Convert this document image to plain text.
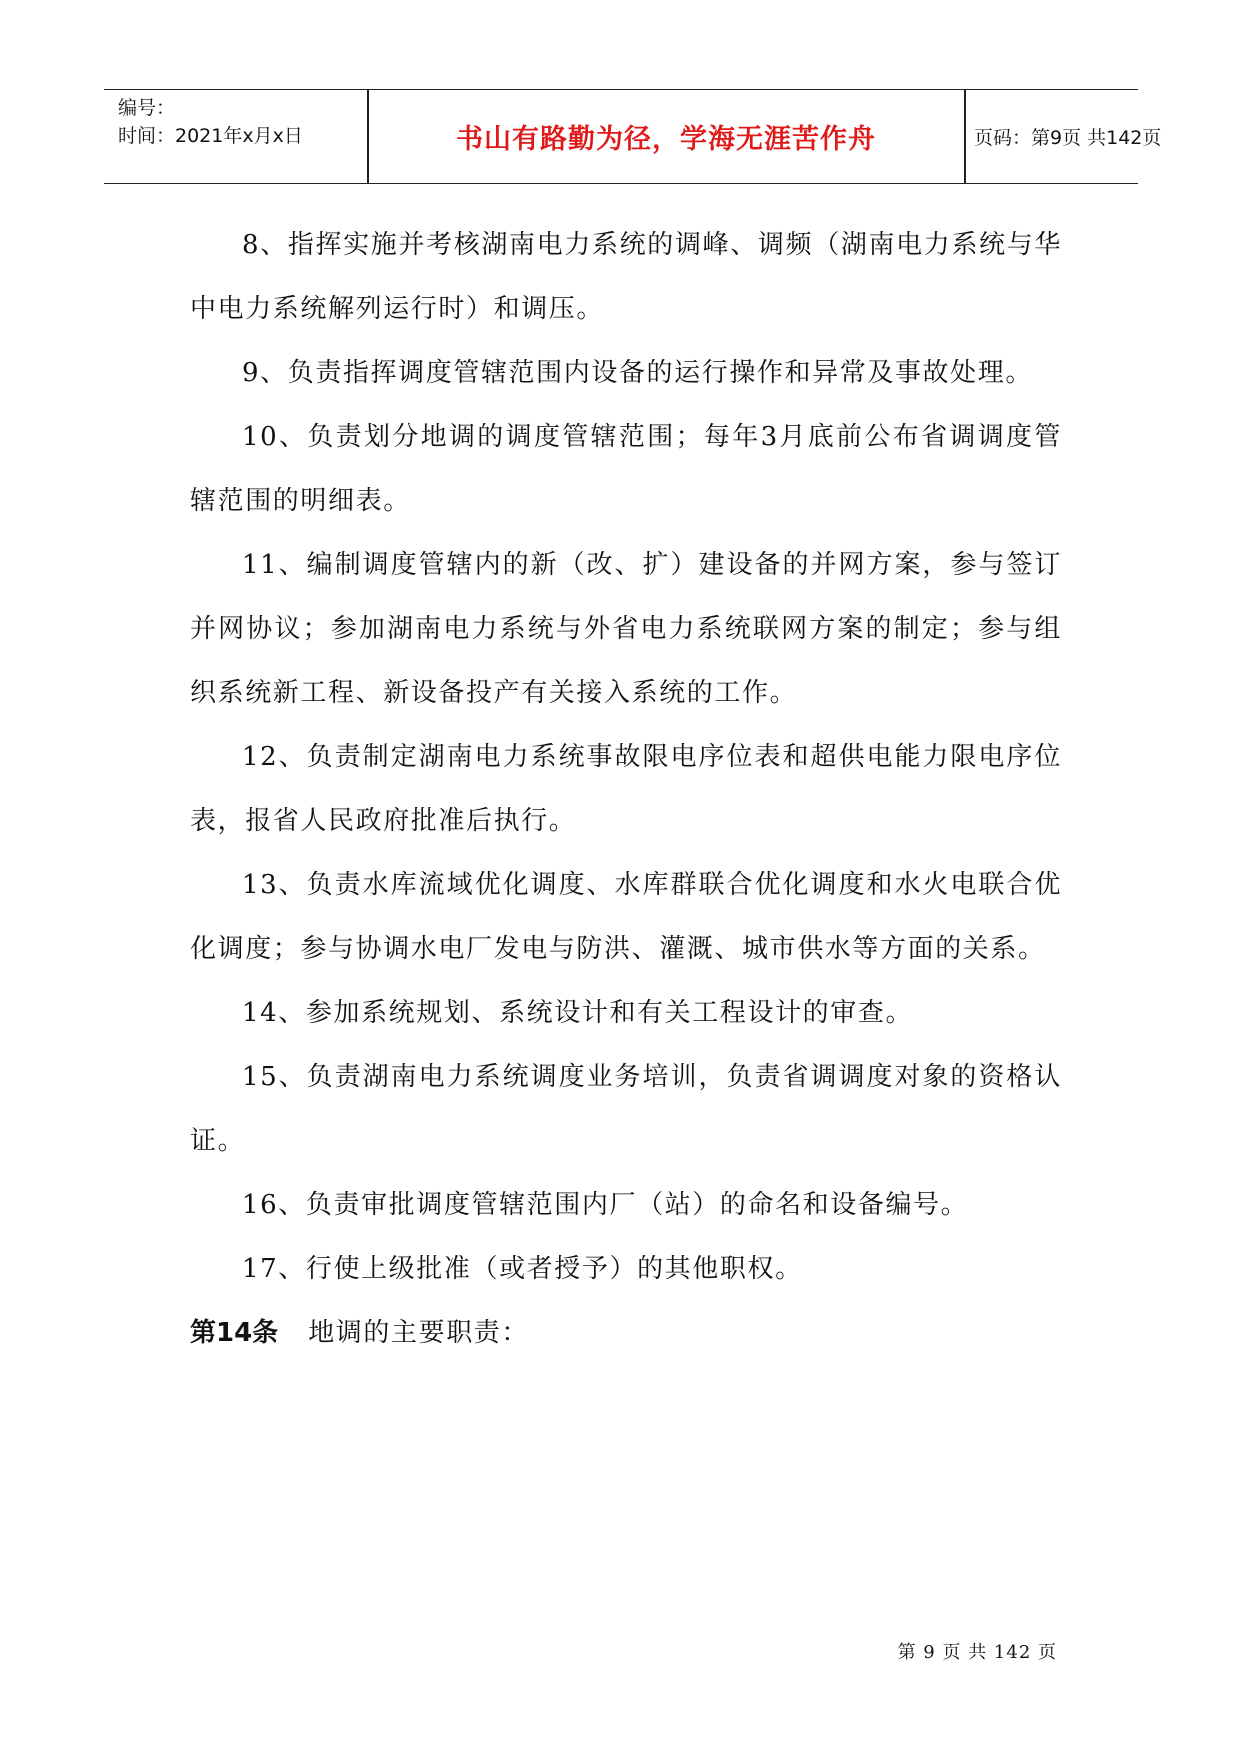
编号：
时间：2021年x月x日	书山有路勤为径，学海无涯苦作舟	页码：第9页 共142页

8、指挥实施并考核湖南电力系统的调峰、调频（湖南电力系统与华中电力系统解列运行时）和调压。

9、负责指挥调度管辖范围内设备的运行操作和异常及事故处理。

10、负责划分地调的调度管辖范围；每年3月底前公布省调调度管辖范围的明细表。

11、编制调度管辖内的新（改、扩）建设备的并网方案，参与签订并网协议；参加湖南电力系统与外省电力系统联网方案的制定；参与组织系统新工程、新设备投产有关接入系统的工作。

12、负责制定湖南电力系统事故限电序位表和超供电能力限电序位表，报省人民政府批准后执行。

13、负责水库流域优化调度、水库群联合优化调度和水火电联合优化调度；参与协调水电厂发电与防洪、灌溉、城市供水等方面的关系。

14、参加系统规划、系统设计和有关工程设计的审查。

15、负责湖南电力系统调度业务培训，负责省调调度对象的资格认证。

16、负责审批调度管辖范围内厂（站）的命名和设备编号。

17、行使上级批准（或者授予）的其他职权。

第14条 地调的主要职责：

第 9 页 共 142 页
